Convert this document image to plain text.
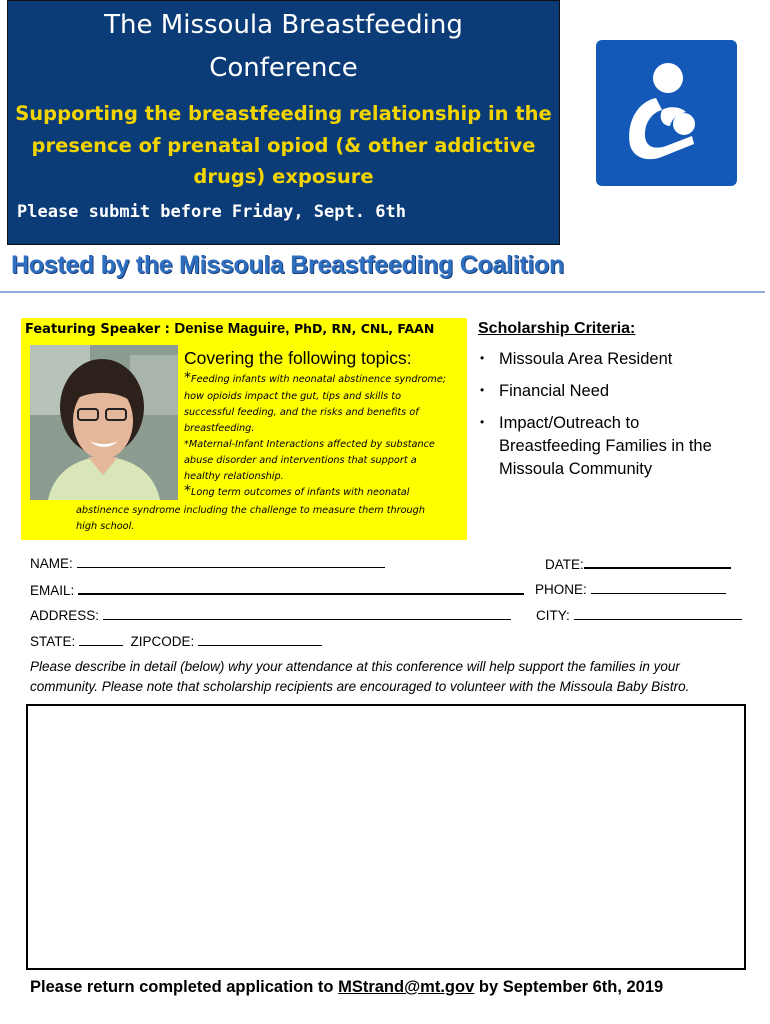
The Missoula Breastfeeding
Conference
Supporting the breastfeeding relationship in the
presence of prenatal opiod (& other addictive
drugs) exposure
Please submit before Friday, Sept. 6th
Hosted by the Missoula Breastfeeding Coalition
Featuring Speaker : Denise Maguire, PhD, RN, CNL, FAAN
Covering the following topics:
*Feeding infants with neonatal abstinence syndrome;
how opioids impact the gut, tips and skills to
successful feeding, and the risks and benefits of
breastfeeding.
*Maternal-Infant Interactions affected by substance
abuse disorder and interventions that support a
healthy relationship.
*Long term outcomes of infants with neonatal
abstinence syndrome including the challenge to measure them through
high school.
Scholarship Criteria:
• Missoula Area Resident
• Financial Need
• Impact/Outreach to
Breastfeeding Families in the
Missoula Community
NAME:	DATE:
EMAIL:	PHONE:
ADDRESS:	CITY:
STATE:	ZIPCODE:
Please describe in detail (below) why your attendance at this conference will help support the families in your
community. Please note that scholarship recipients are encouraged to volunteer with the Missoula Baby Bistro.
Please return completed application to MStrand@mt.gov by September 6th, 2019
